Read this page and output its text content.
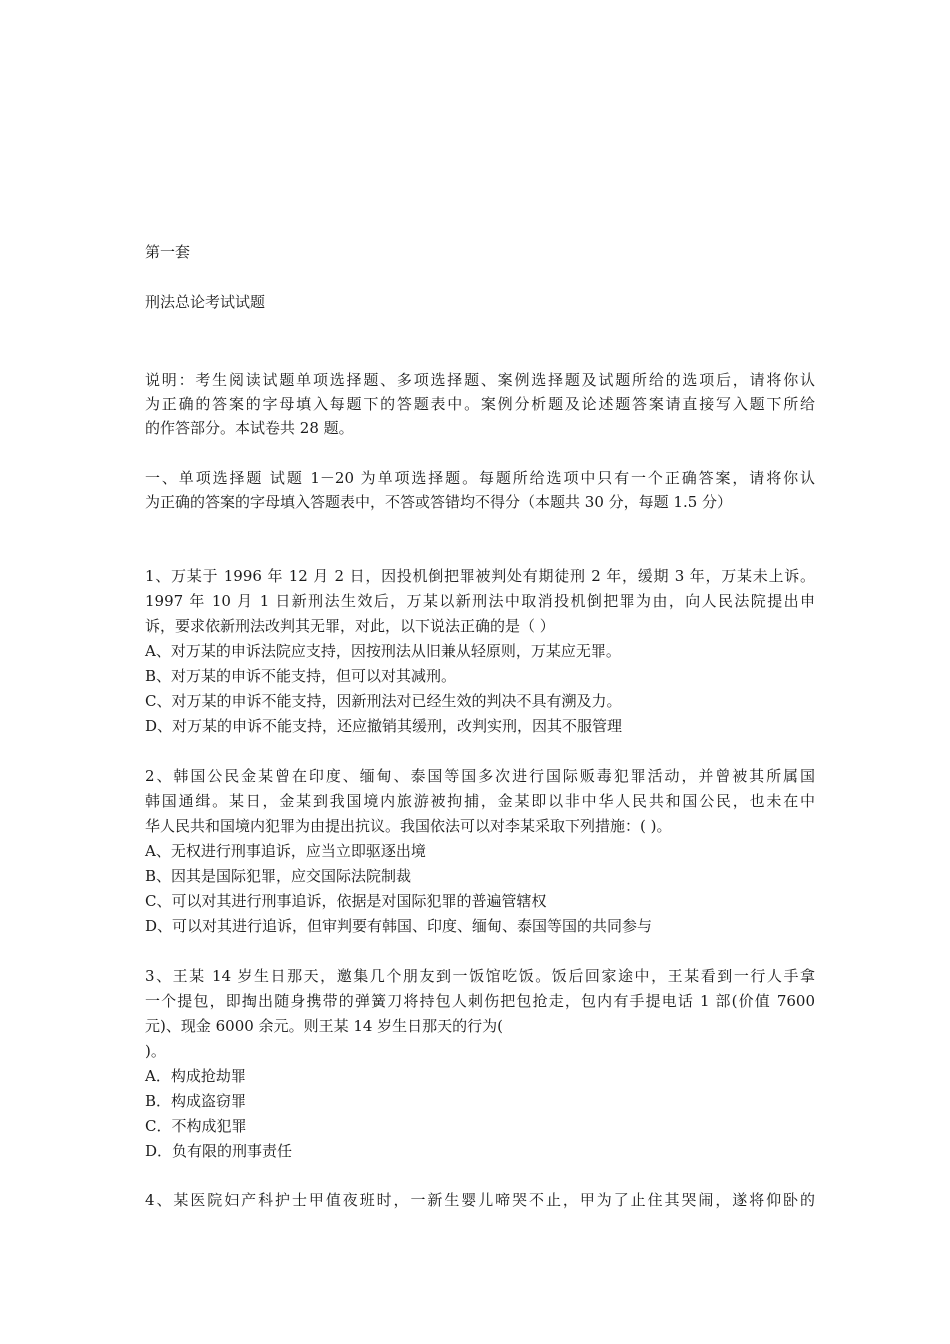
第一套
刑法总论考试试题
说明：考生阅读试题单项选择题、多项选择题、案例选择题及试题所给的选项后，请将你认
为正确的答案的字母填入每题下的答题表中。案例分析题及论述题答案请直接写入题下所给
的作答部分。本试卷共 28 题。
一、单项选择题 试题 1－20 为单项选择题。每题所给选项中只有一个正确答案，请将你认
为正确的答案的字母填入答题表中，不答或答错均不得分（本题共 30 分，每题 1.5 分）
1、万某于 1996 年 12 月 2 日，因投机倒把罪被判处有期徒刑 2 年，缓期 3 年，万某未上诉。
1997 年 10 月 1 日新刑法生效后，万某以新刑法中取消投机倒把罪为由，向人民法院提出申
诉，要求依新刑法改判其无罪，对此，以下说法正确的是（ ）
A、对万某的申诉法院应支持，因按刑法从旧兼从轻原则，万某应无罪。
B、对万某的申诉不能支持，但可以对其减刑。
C、对万某的申诉不能支持，因新刑法对已经生效的判决不具有溯及力。
D、对万某的申诉不能支持，还应撤销其缓刑，改判实刑，因其不服管理
2、韩国公民金某曾在印度、缅甸、泰国等国多次进行国际贩毒犯罪活动，并曾被其所属国
韩国通缉。某日，金某到我国境内旅游被拘捕，金某即以非中华人民共和国公民，也未在中
华人民共和国境内犯罪为由提出抗议。我国依法可以对李某采取下列措施：( )。
A、无权进行刑事追诉，应当立即驱逐出境
B、因其是国际犯罪，应交国际法院制裁
C、可以对其进行刑事追诉，依据是对国际犯罪的普遍管辖权
D、可以对其进行追诉，但审判要有韩国、印度、缅甸、泰国等国的共同参与
3、王某 14 岁生日那天，邀集几个朋友到一饭馆吃饭。饭后回家途中，王某看到一行人手拿
一个提包，即掏出随身携带的弹簧刀将持包人刺伤把包抢走，包内有手提电话 1 部(价值 7600
元)、现金 6000 余元。则王某 14 岁生日那天的行为(
)。
A．构成抢劫罪
B．构成盗窃罪
C．不构成犯罪
D．负有限的刑事责任
4、某医院妇产科护士甲值夜班时，一新生婴儿啼哭不止，甲为了止住其哭闹，遂将仰卧的
